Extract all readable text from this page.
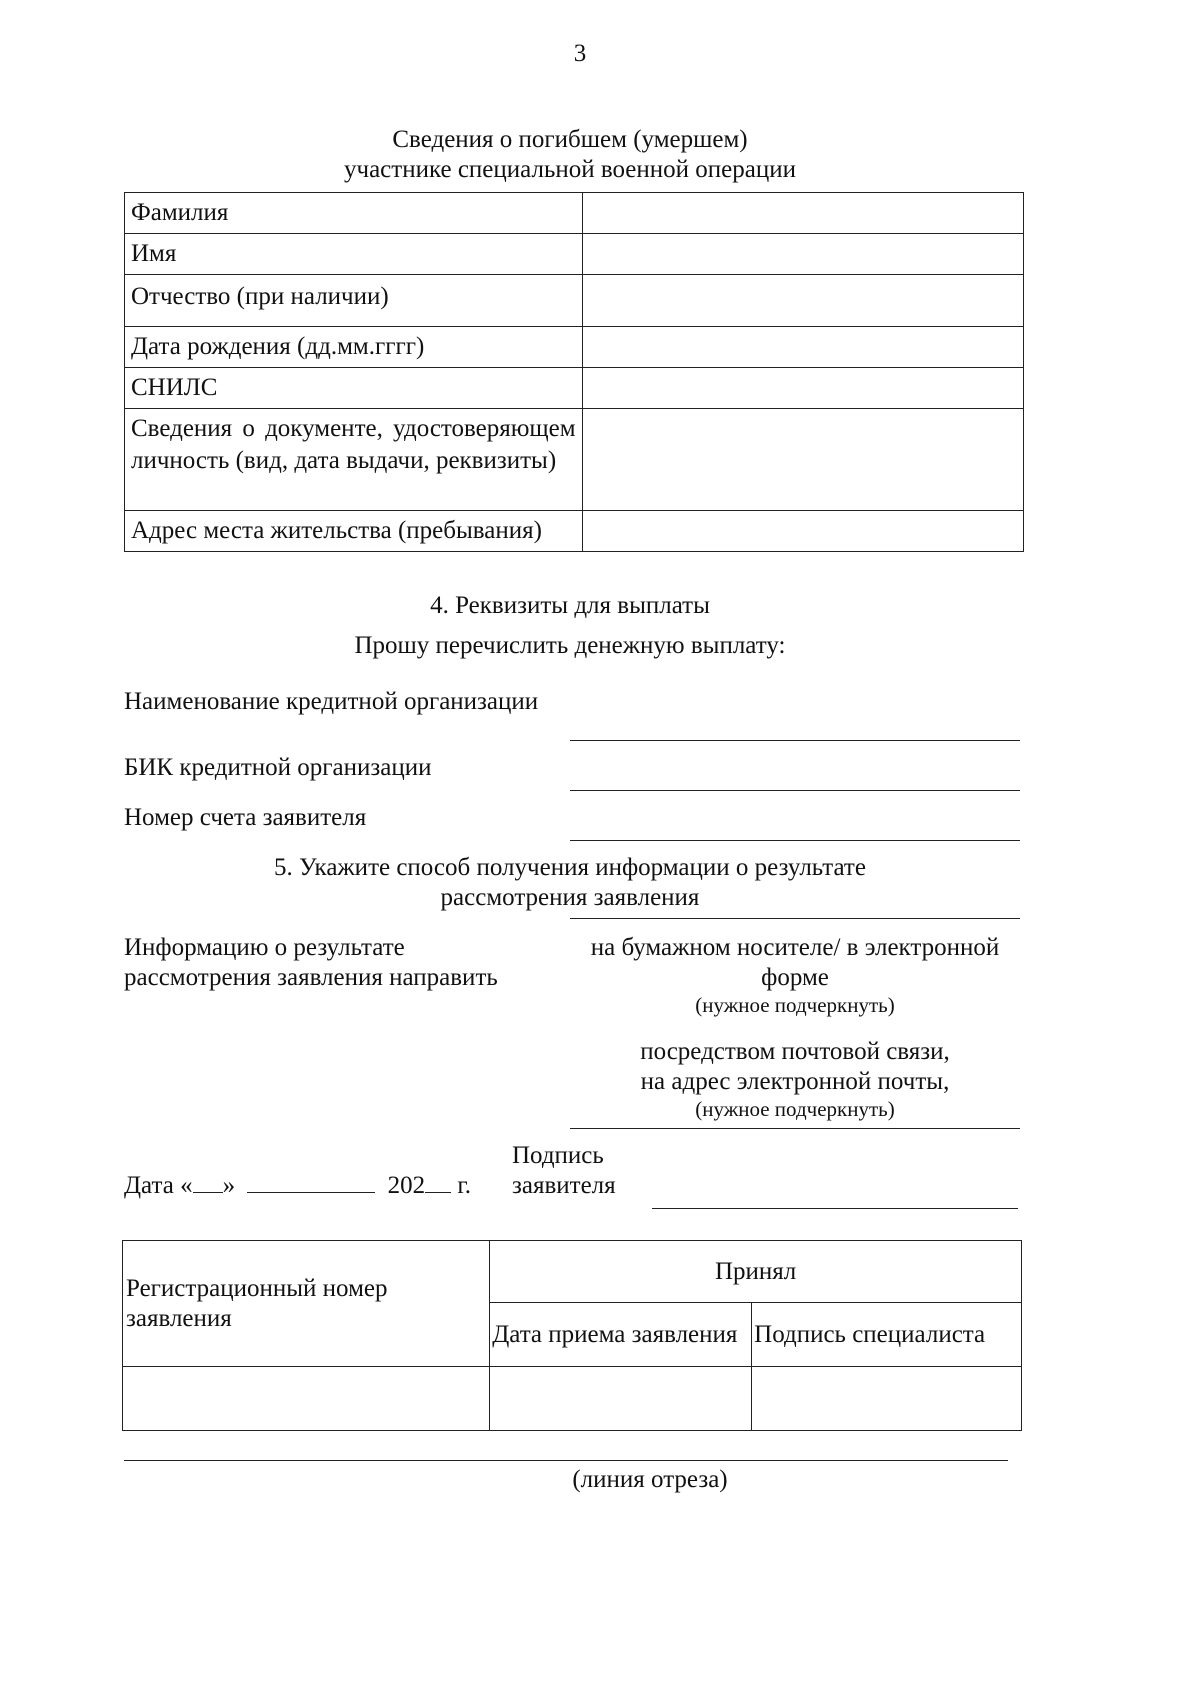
3
Сведения о погибшем (умершем)
участнике специальной военной операции
Фамилия	
Имя	
Отчество (при наличии)	
Дата рождения (дд.мм.гггг)	
СНИЛС	
Сведения о документе, удостоверяющем личность (вид, дата выдачи, реквизиты)	
Адрес места жительства (пребывания)	
4. Реквизиты для выплаты
Прошу перечислить денежную выплату:
Наименование кредитной организации
БИК кредитной организации
Номер счета заявителя
5. Укажите способ получения информации о результате
рассмотрения заявления
Информацию о результате
рассмотрения заявления направить
на бумажном носителе/ в электронной
форме
(нужное подчеркнуть)
посредством почтовой связи,
на адрес электронной почты,
(нужное подчеркнуть)
Дата « »	202 г.
Подпись
заявителя
Регистрационный номер заявления	Принял	
	Дата приема заявления	Подпись специалиста

(линия отреза)
